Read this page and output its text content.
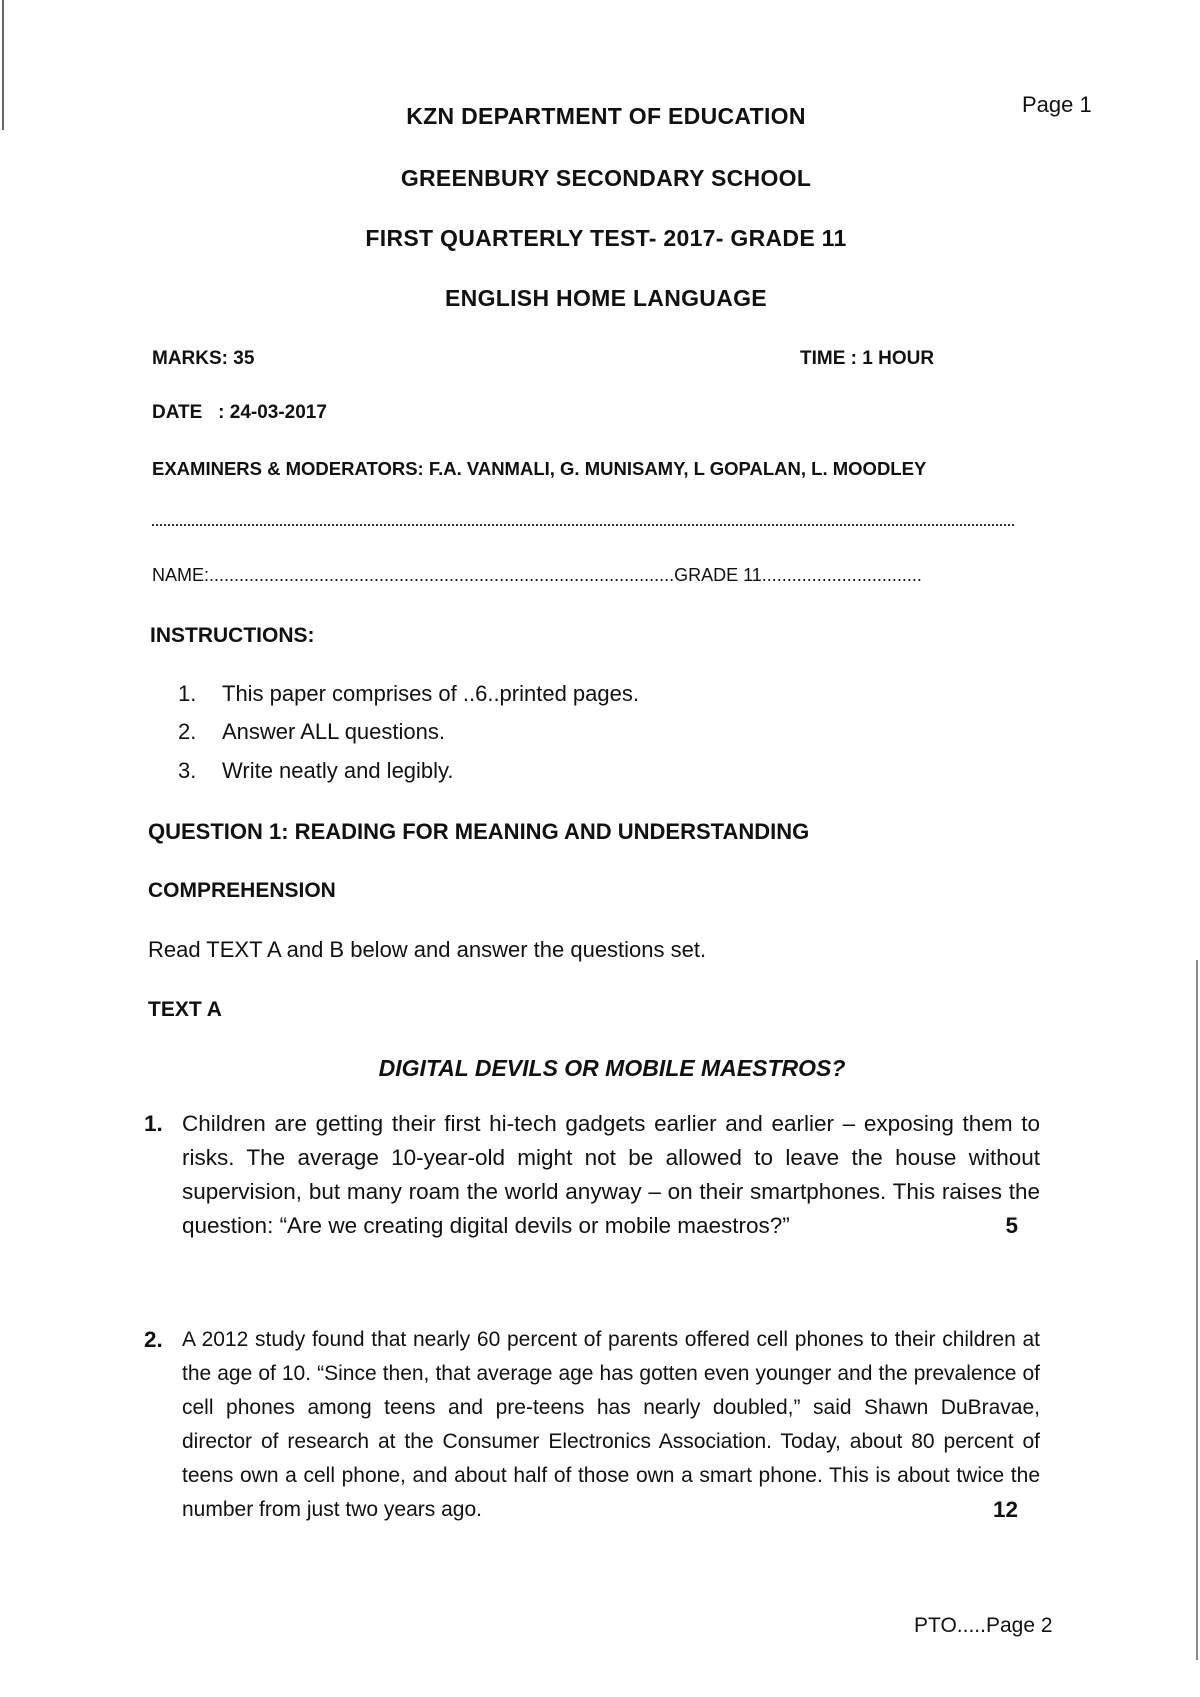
Page 1
KZN DEPARTMENT OF EDUCATION
GREENBURY SECONDARY SCHOOL
FIRST QUARTERLY TEST- 2017- GRADE 11
ENGLISH HOME LANGUAGE
MARKS: 35	TIME : 1 HOUR
DATE   : 24-03-2017
EXAMINERS & MODERATORS: F.A. VANMALI, G. MUNISAMY, L GOPALAN, L. MOODLEY
NAME:.............................................................................................GRADE 11................................
INSTRUCTIONS:
1. This paper comprises of ..6..printed pages.
2. Answer ALL questions.
3. Write neatly and legibly.
QUESTION 1: READING FOR MEANING AND UNDERSTANDING
COMPREHENSION
Read TEXT A and B below and answer the questions set.
TEXT A
DIGITAL DEVILS OR MOBILE MAESTROS?
1. Children are getting their first hi-tech gadgets earlier and earlier – exposing them to risks. The average 10-year-old might not be allowed to leave the house without supervision, but many roam the world anyway – on their smartphones. This raises the question: “Are we creating digital devils or mobile maestros?”	5
2. A 2012 study found that nearly 60 percent of parents offered cell phones to their children at the age of 10. “Since then, that average age has gotten even younger and the prevalence of cell phones among teens and pre-teens has nearly doubled,” said Shawn DuBravae, director of research at the Consumer Electronics Association. Today, about 80 percent of teens own a cell phone, and about half of those own a smart phone. This is about twice the number from just two years ago.	12
PTO.....Page 2
